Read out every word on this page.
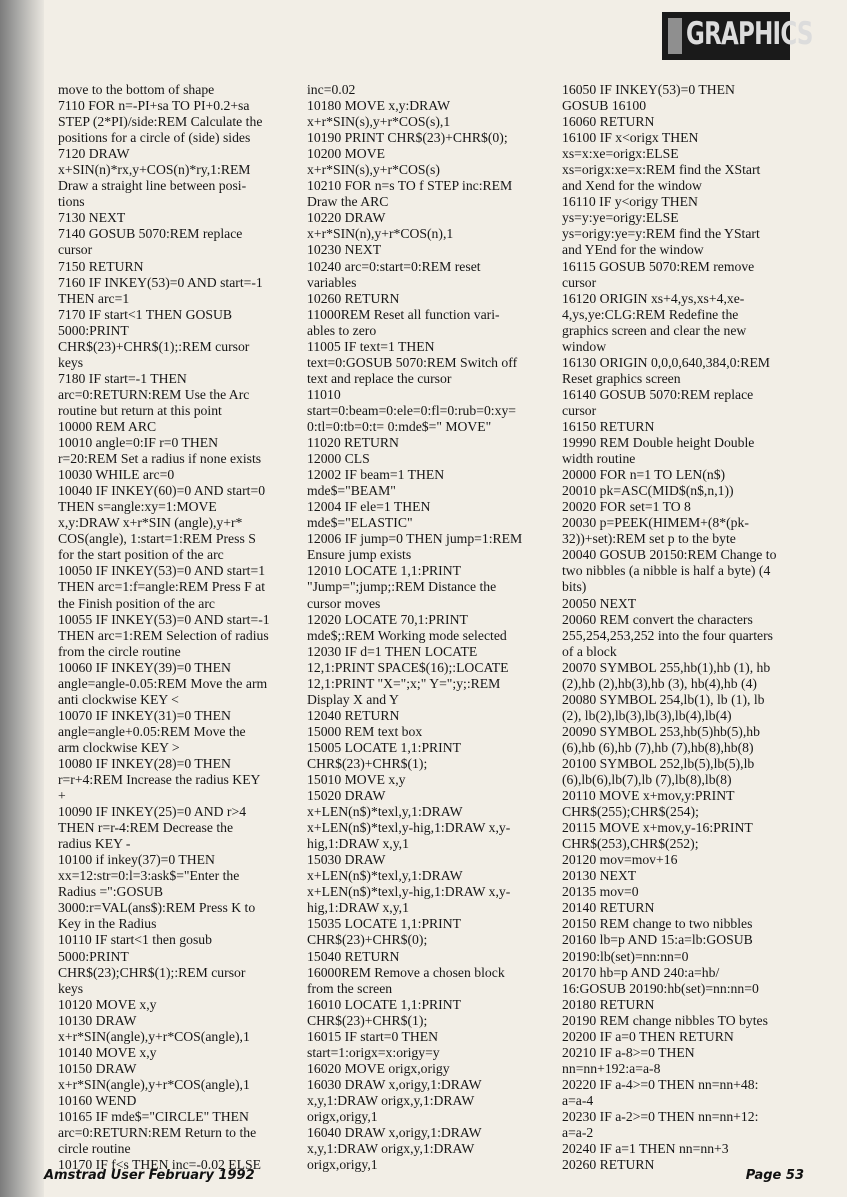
GRAPHICS
move to the bottom of shape
7110 FOR n=-PI+sa TO PI+0.2+sa
STEP (2*PI)/side:REM Calculate the
positions for a circle of (side) sides
7120 DRAW
x+SIN(n)*rx,y+COS(n)*ry,1:REM
Draw a straight line between posi-
tions
7130 NEXT
7140 GOSUB 5070:REM replace
cursor
7150 RETURN
7160 IF INKEY(53)=0 AND start=-1
THEN arc=1
7170 IF start<1 THEN GOSUB
5000:PRINT
CHR$(23)+CHR$(1);:REM cursor
keys
7180 IF start=-1 THEN
arc=0:RETURN:REM Use the Arc
routine but return at this point
10000 REM ARC
10010 angle=0:IF r=0 THEN
r=20:REM Set a radius if none exists
10030 WHILE arc=0
10040 IF INKEY(60)=0 AND start=0
THEN s=angle:xy=1:MOVE
x,y:DRAW x+r*SIN (angle),y+r*
COS(angle), 1:start=1:REM Press S
for the start position of the arc
10050 IF INKEY(53)=0 AND start=1
THEN arc=1:f=angle:REM Press F at
the Finish position of the arc
10055 IF INKEY(53)=0 AND start=-1
THEN arc=1:REM Selection of radius
from the circle routine
10060 IF INKEY(39)=0 THEN
angle=angle-0.05:REM Move the arm
anti clockwise KEY <
10070 IF INKEY(31)=0 THEN
angle=angle+0.05:REM Move the
arm clockwise KEY >
10080 IF INKEY(28)=0 THEN
r=r+4:REM Increase the radius KEY
+
10090 IF INKEY(25)=0 AND r>4
THEN r=r-4:REM Decrease the
radius KEY -
10100 if inkey(37)=0 THEN
xx=12:str=0:l=3:ask$="Enter the
Radius =":GOSUB
3000:r=VAL(ans$):REM Press K to
Key in the Radius
10110 IF start<1 then gosub
5000:PRINT
CHR$(23);CHR$(1);:REM cursor
keys
10120 MOVE x,y
10130 DRAW
x+r*SIN(angle),y+r*COS(angle),1
10140 MOVE x,y
10150 DRAW
x+r*SIN(angle),y+r*COS(angle),1
10160 WEND
10165 IF mde$="CIRCLE" THEN
arc=0:RETURN:REM Return to the
circle routine
10170 IF f<s THEN inc=-0.02 ELSE
inc=0.02
10180 MOVE x,y:DRAW
x+r*SIN(s),y+r*COS(s),1
10190 PRINT CHR$(23)+CHR$(0);
10200 MOVE
x+r*SIN(s),y+r*COS(s)
10210 FOR n=s TO f STEP inc:REM
Draw the ARC
10220 DRAW
x+r*SIN(n),y+r*COS(n),1
10230 NEXT
10240 arc=0:start=0:REM reset
variables
10260 RETURN
11000REM Reset all function vari-
ables to zero
11005 IF text=1 THEN
text=0:GOSUB 5070:REM Switch off
text and replace the cursor
11010
start=0:beam=0:ele=0:fl=0:rub=0:xy=
0:tl=0:tb=0:t= 0:mde$=" MOVE"
11020 RETURN
12000 CLS
12002 IF beam=1 THEN
mde$="BEAM"
12004 IF ele=1 THEN
mde$="ELASTIC"
12006 IF jump=0 THEN jump=1:REM
Ensure jump exists
12010 LOCATE 1,1:PRINT
"Jump=";jump;:REM Distance the
cursor moves
12020 LOCATE 70,1:PRINT
mde$;:REM Working mode selected
12030 IF d=1 THEN LOCATE
12,1:PRINT SPACE$(16);:LOCATE
12,1:PRINT "X=";x;" Y=";y;:REM
Display X and Y
12040 RETURN
15000 REM text box
15005 LOCATE 1,1:PRINT
CHR$(23)+CHR$(1);
15010 MOVE x,y
15020 DRAW
x+LEN(n$)*texl,y,1:DRAW
x+LEN(n$)*texl,y-hig,1:DRAW x,y-
hig,1:DRAW x,y,1
15030 DRAW
x+LEN(n$)*texl,y,1:DRAW
x+LEN(n$)*texl,y-hig,1:DRAW x,y-
hig,1:DRAW x,y,1
15035 LOCATE 1,1:PRINT
CHR$(23)+CHR$(0);
15040 RETURN
16000REM Remove a chosen block
from the screen
16010 LOCATE 1,1:PRINT
CHR$(23)+CHR$(1);
16015 IF start=0 THEN
start=1:origx=x:origy=y
16020 MOVE origx,origy
16030 DRAW x,origy,1:DRAW
x,y,1:DRAW origx,y,1:DRAW
origx,origy,1
16040 DRAW x,origy,1:DRAW
x,y,1:DRAW origx,y,1:DRAW
origx,origy,1
16050 IF INKEY(53)=0 THEN
GOSUB 16100
16060 RETURN
16100 IF x<origx THEN
xs=x:xe=origx:ELSE
xs=origx:xe=x:REM find the XStart
and Xend for the window
16110 IF y<origy THEN
ys=y:ye=origy:ELSE
ys=origy:ye=y:REM find the YStart
and YEnd for the window
16115 GOSUB 5070:REM remove
cursor
16120 ORIGIN xs+4,ys,xs+4,xe-
4,ys,ye:CLG:REM Redefine the
graphics screen and clear the new
window
16130 ORIGIN 0,0,0,640,384,0:REM
Reset graphics screen
16140 GOSUB 5070:REM replace
cursor
16150 RETURN
19990 REM Double height Double
width routine
20000 FOR n=1 TO LEN(n$)
20010 pk=ASC(MID$(n$,n,1))
20020 FOR set=1 TO 8
20030 p=PEEK(HIMEM+(8*(pk-
32))+set):REM set p to the byte
20040 GOSUB 20150:REM Change to
two nibbles (a nibble is half a byte) (4
bits)
20050 NEXT
20060 REM convert the characters
255,254,253,252 into the four quarters
of a block
20070 SYMBOL 255,hb(1),hb (1), hb
(2),hb (2),hb(3),hb (3), hb(4),hb (4)
20080 SYMBOL 254,lb(1), lb (1), lb
(2), lb(2),lb(3),lb(3),lb(4),lb(4)
20090 SYMBOL 253,hb(5)hb(5),hb
(6),hb (6),hb (7),hb (7),hb(8),hb(8)
20100 SYMBOL 252,lb(5),lb(5),lb
(6),lb(6),lb(7),lb (7),lb(8),lb(8)
20110 MOVE x+mov,y:PRINT
CHR$(255);CHR$(254);
20115 MOVE x+mov,y-16:PRINT
CHR$(253),CHR$(252);
20120 mov=mov+16
20130 NEXT
20135 mov=0
20140 RETURN
20150 REM change to two nibbles
20160 lb=p AND 15:a=lb:GOSUB
20190:lb(set)=nn:nn=0
20170 hb=p AND 240:a=hb/
16:GOSUB 20190:hb(set)=nn:nn=0
20180 RETURN
20190 REM change nibbles TO bytes
20200 IF a=0 THEN RETURN
20210 IF a-8>=0 THEN
nn=nn+192:a=a-8
20220 IF a-4>=0 THEN nn=nn+48:
a=a-4
20230 IF a-2>=0 THEN nn=nn+12:
a=a-2
20240 IF a=1 THEN nn=nn+3
20260 RETURN
Amstrad User February 1992	Page 53
